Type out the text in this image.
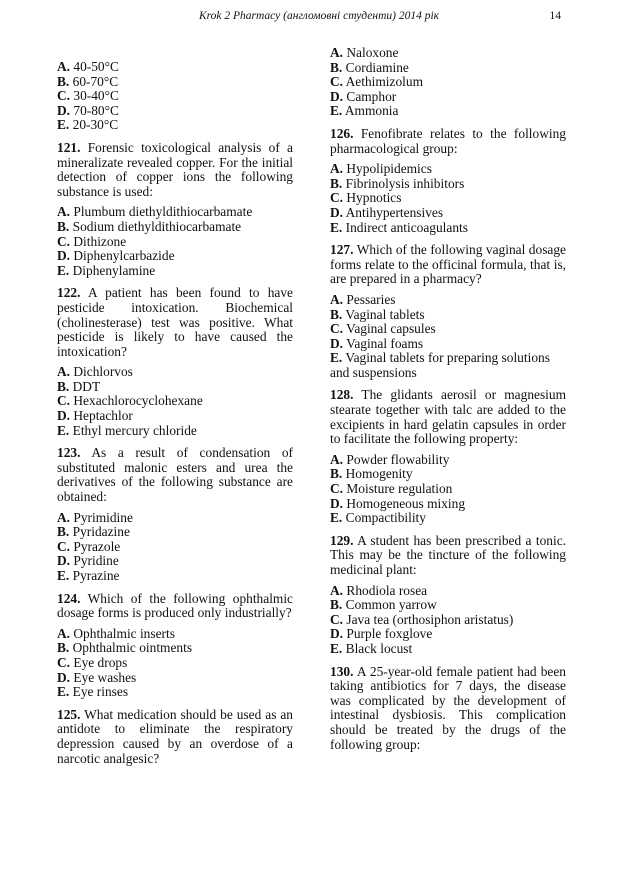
Krok 2 Pharmacy (англомовні студенти) 2014 рік	14
A. 40-50°C
B. 60-70°C
C. 30-40°C
D. 70-80°C
E. 20-30°C

121. Forensic toxicological analysis of a mineralizate revealed copper. For the initial detection of copper ions the following substance is used:

A. Plumbum diethyldithiocarbamate
B. Sodium diethyldithiocarbamate
C. Dithizone
D. Diphenylcarbazide
E. Diphenylamine

122. A patient has been found to have pesticide intoxication. Biochemical (cholinesterase) test was positive. What pesticide is likely to have caused the intoxication?

A. Dichlorvos
B. DDT
C. Hexachlorocyclohexane
D. Heptachlor
E. Ethyl mercury chloride

123. As a result of condensation of substituted malonic esters and urea the derivatives of the following substance are obtained:

A. Pyrimidine
B. Pyridazine
C. Pyrazole
D. Pyridine
E. Pyrazine

124. Which of the following ophthalmic dosage forms is produced only industrially?

A. Ophthalmic inserts
B. Ophthalmic ointments
C. Eye drops
D. Eye washes
E. Eye rinses

125. What medication should be used as an antidote to eliminate the respiratory depression caused by an overdose of a narcotic analgesic?

A. Naloxone
B. Cordiamine
C. Aethimizolum
D. Camphor
E. Ammonia

126. Fenofibrate relates to the following pharmacological group:

A. Hypolipidemics
B. Fibrinolysis inhibitors
C. Hypnotics
D. Antihypertensives
E. Indirect anticoagulants

127. Which of the following vaginal dosage forms relate to the officinal formula, that is, are prepared in a pharmacy?

A. Pessaries
B. Vaginal tablets
C. Vaginal capsules
D. Vaginal foams
E. Vaginal tablets for preparing solutions and suspensions

128. The glidants aerosil or magnesium stearate together with talc are added to the excipients in hard gelatin capsules in order to facilitate the following property:

A. Powder flowability
B. Homogenity
C. Moisture regulation
D. Homogeneous mixing
E. Compactibility

129. A student has been prescribed a tonic. This may be the tincture of the following medicinal plant:

A. Rhodiola rosea
B. Common yarrow
C. Java tea (orthosiphon aristatus)
D. Purple foxglove
E. Black locust

130. A 25-year-old female patient had been taking antibiotics for 7 days, the disease was complicated by the development of intestinal dysbiosis. This complication should be treated by the drugs of the following group:
